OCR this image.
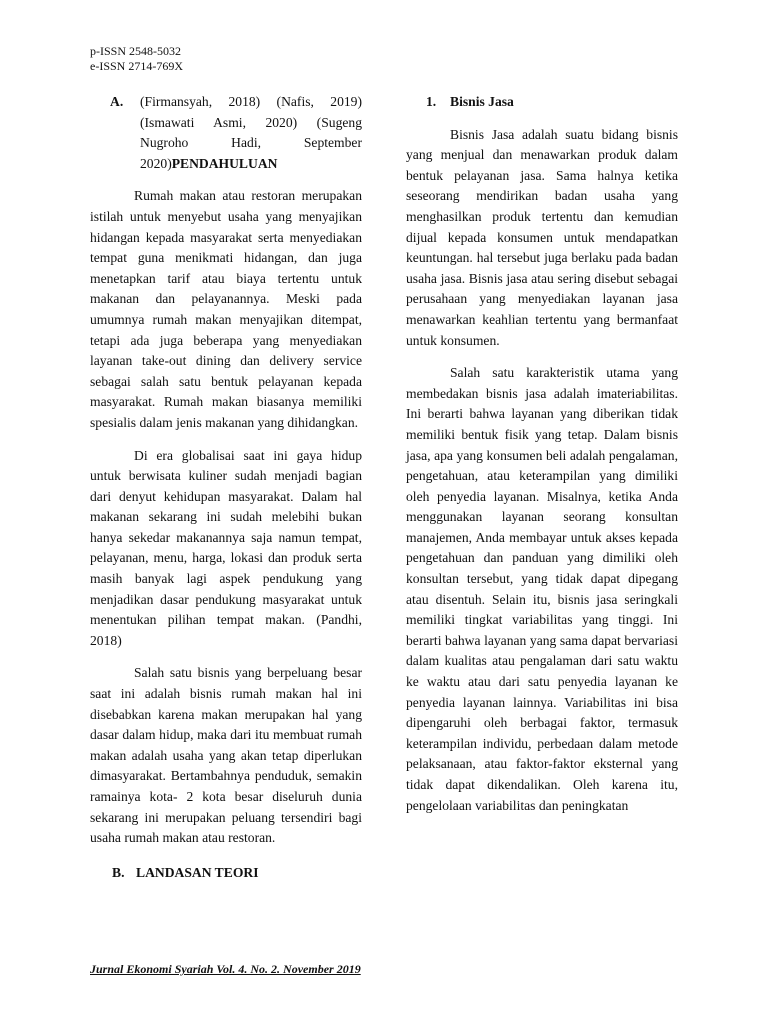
p-ISSN 2548-5032
e-ISSN 2714-769X
A.	(Firmansyah, 2018) (Nafis, 2019) (Ismawati Asmi, 2020) (Sugeng Nugroho Hadi, September 2020)PENDAHULUAN

Rumah makan atau restoran merupakan istilah untuk menyebut usaha yang menyajikan hidangan kepada masyarakat serta menyediakan tempat guna menikmati hidangan, dan juga menetapkan tarif atau biaya tertentu untuk makanan dan pelayanannya. Meski pada umumnya rumah makan menyajikan ditempat, tetapi ada juga beberapa yang menyediakan layanan take-out dining dan delivery service sebagai salah satu bentuk pelayanan kepada masyarakat. Rumah makan biasanya memiliki spesialis dalam jenis makanan yang dihidangkan.

Di era globalisai saat ini gaya hidup untuk berwisata kuliner sudah menjadi bagian dari denyut kehidupan masyarakat. Dalam hal makanan sekarang ini sudah melebihi bukan hanya sekedar makanannya saja namun tempat, pelayanan, menu, harga, lokasi dan produk serta masih banyak lagi aspek pendukung yang menjadikan dasar pendukung masyarakat untuk menentukan pilihan tempat makan. (Pandhi, 2018)

Salah satu bisnis yang berpeluang besar saat ini adalah bisnis rumah makan hal ini disebabkan karena makan merupakan hal yang dasar dalam hidup, maka dari itu membuat rumah makan adalah usaha yang akan tetap diperlukan dimasyarakat. Bertambahnya penduduk, semakin ramainya kota- 2 kota besar diseluruh dunia sekarang ini merupakan peluang tersendiri bagi usaha rumah makan atau restoran.

B. LANDASAN TEORI
1. Bisnis Jasa

Bisnis Jasa adalah suatu bidang bisnis yang menjual dan menawarkan produk dalam bentuk pelayanan jasa. Sama halnya ketika seseorang mendirikan badan usaha yang menghasilkan produk tertentu dan kemudian dijual kepada konsumen untuk mendapatkan keuntungan. hal tersebut juga berlaku pada badan usaha jasa. Bisnis jasa atau sering disebut sebagai perusahaan yang menyediakan layanan jasa menawarkan keahlian tertentu yang bermanfaat untuk konsumen.

Salah satu karakteristik utama yang membedakan bisnis jasa adalah imateriabilitas. Ini berarti bahwa layanan yang diberikan tidak memiliki bentuk fisik yang tetap. Dalam bisnis jasa, apa yang konsumen beli adalah pengalaman, pengetahuan, atau keterampilan yang dimiliki oleh penyedia layanan. Misalnya, ketika Anda menggunakan layanan seorang konsultan manajemen, Anda membayar untuk akses kepada pengetahuan dan panduan yang dimiliki oleh konsultan tersebut, yang tidak dapat dipegang atau disentuh. Selain itu, bisnis jasa seringkali memiliki tingkat variabilitas yang tinggi. Ini berarti bahwa layanan yang sama dapat bervariasi dalam kualitas atau pengalaman dari satu waktu ke waktu atau dari satu penyedia layanan ke penyedia layanan lainnya. Variabilitas ini bisa dipengaruhi oleh berbagai faktor, termasuk keterampilan individu, perbedaan dalam metode pelaksanaan, atau faktor-faktor eksternal yang tidak dapat dikendalikan. Oleh karena itu, pengelolaan variabilitas dan peningkatan

Jurnal Ekonomi Syariah Vol. 4. No. 2. November 2019
